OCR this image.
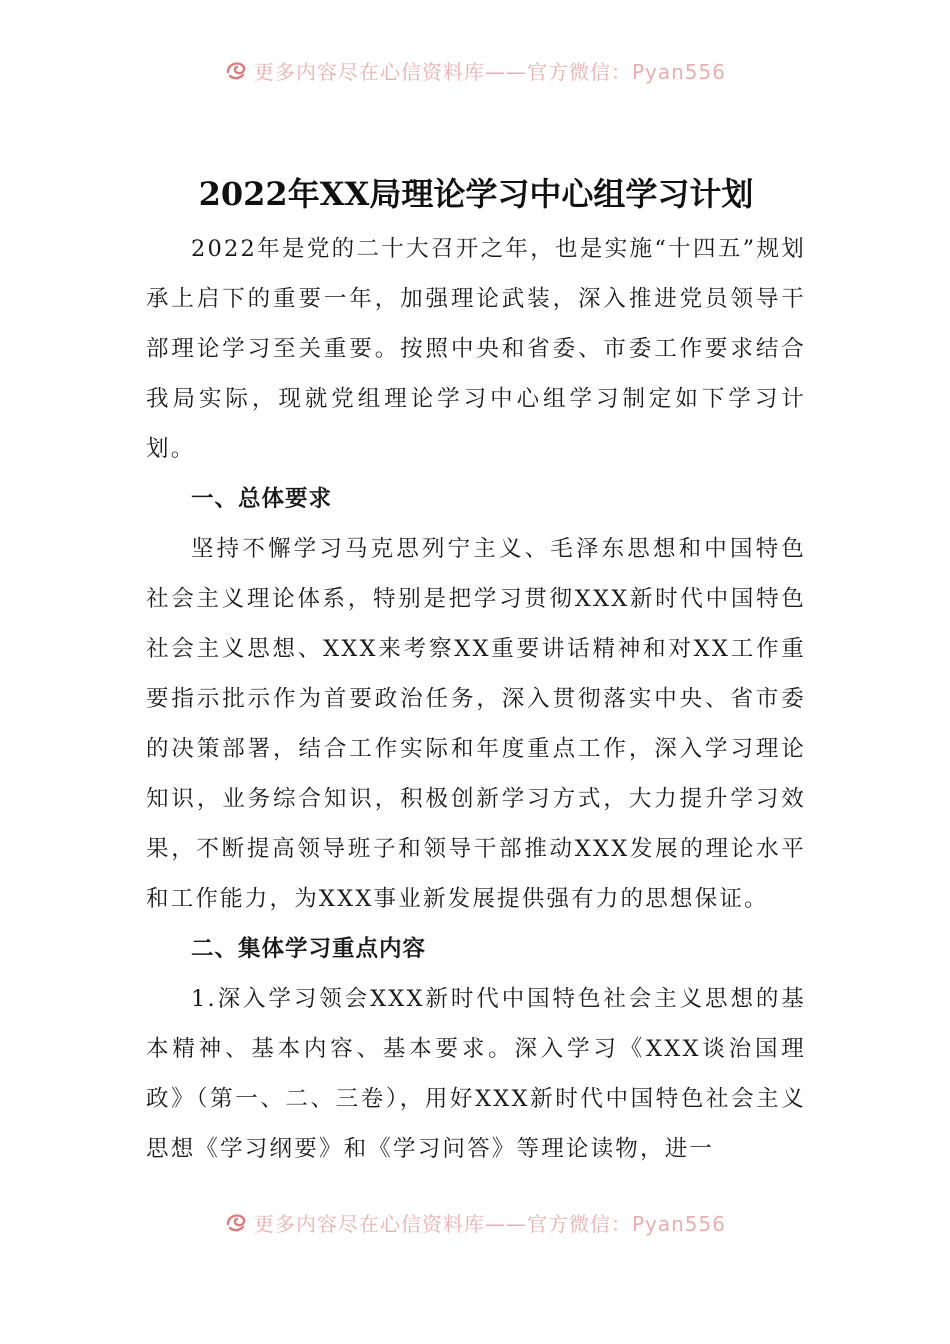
更多内容尽在心信资料库——官方微信：Pyan556
2022年XX局理论学习中心组学习计划

2022年是党的二十大召开之年，也是实施“十四五”规划承上启下的重要一年，加强理论武装，深入推进党员领导干部理论学习至关重要。按照中央和省委、市委工作要求结合我局实际，现就党组理论学习中心组学习制定如下学习计划。

一、总体要求

坚持不懈学习马克思列宁主义、毛泽东思想和中国特色社会主义理论体系，特别是把学习贯彻XXX新时代中国特色社会主义思想、XXX来考察XX重要讲话精神和对XX工作重要指示批示作为首要政治任务，深入贯彻落实中央、省市委的决策部署，结合工作实际和年度重点工作，深入学习理论知识，业务综合知识，积极创新学习方式，大力提升学习效果，不断提高领导班子和领导干部推动XXX发展的理论水平和工作能力，为XXX事业新发展提供强有力的思想保证。

二、集体学习重点内容

1.深入学习领会XXX新时代中国特色社会主义思想的基本精神、基本内容、基本要求。深入学习《XXX谈治国理政》（第一、二、三卷），用好XXX新时代中国特色社会主义思想《学习纲要》和《学习问答》等理论读物，进一

更多内容尽在心信资料库——官方微信：Pyan556
